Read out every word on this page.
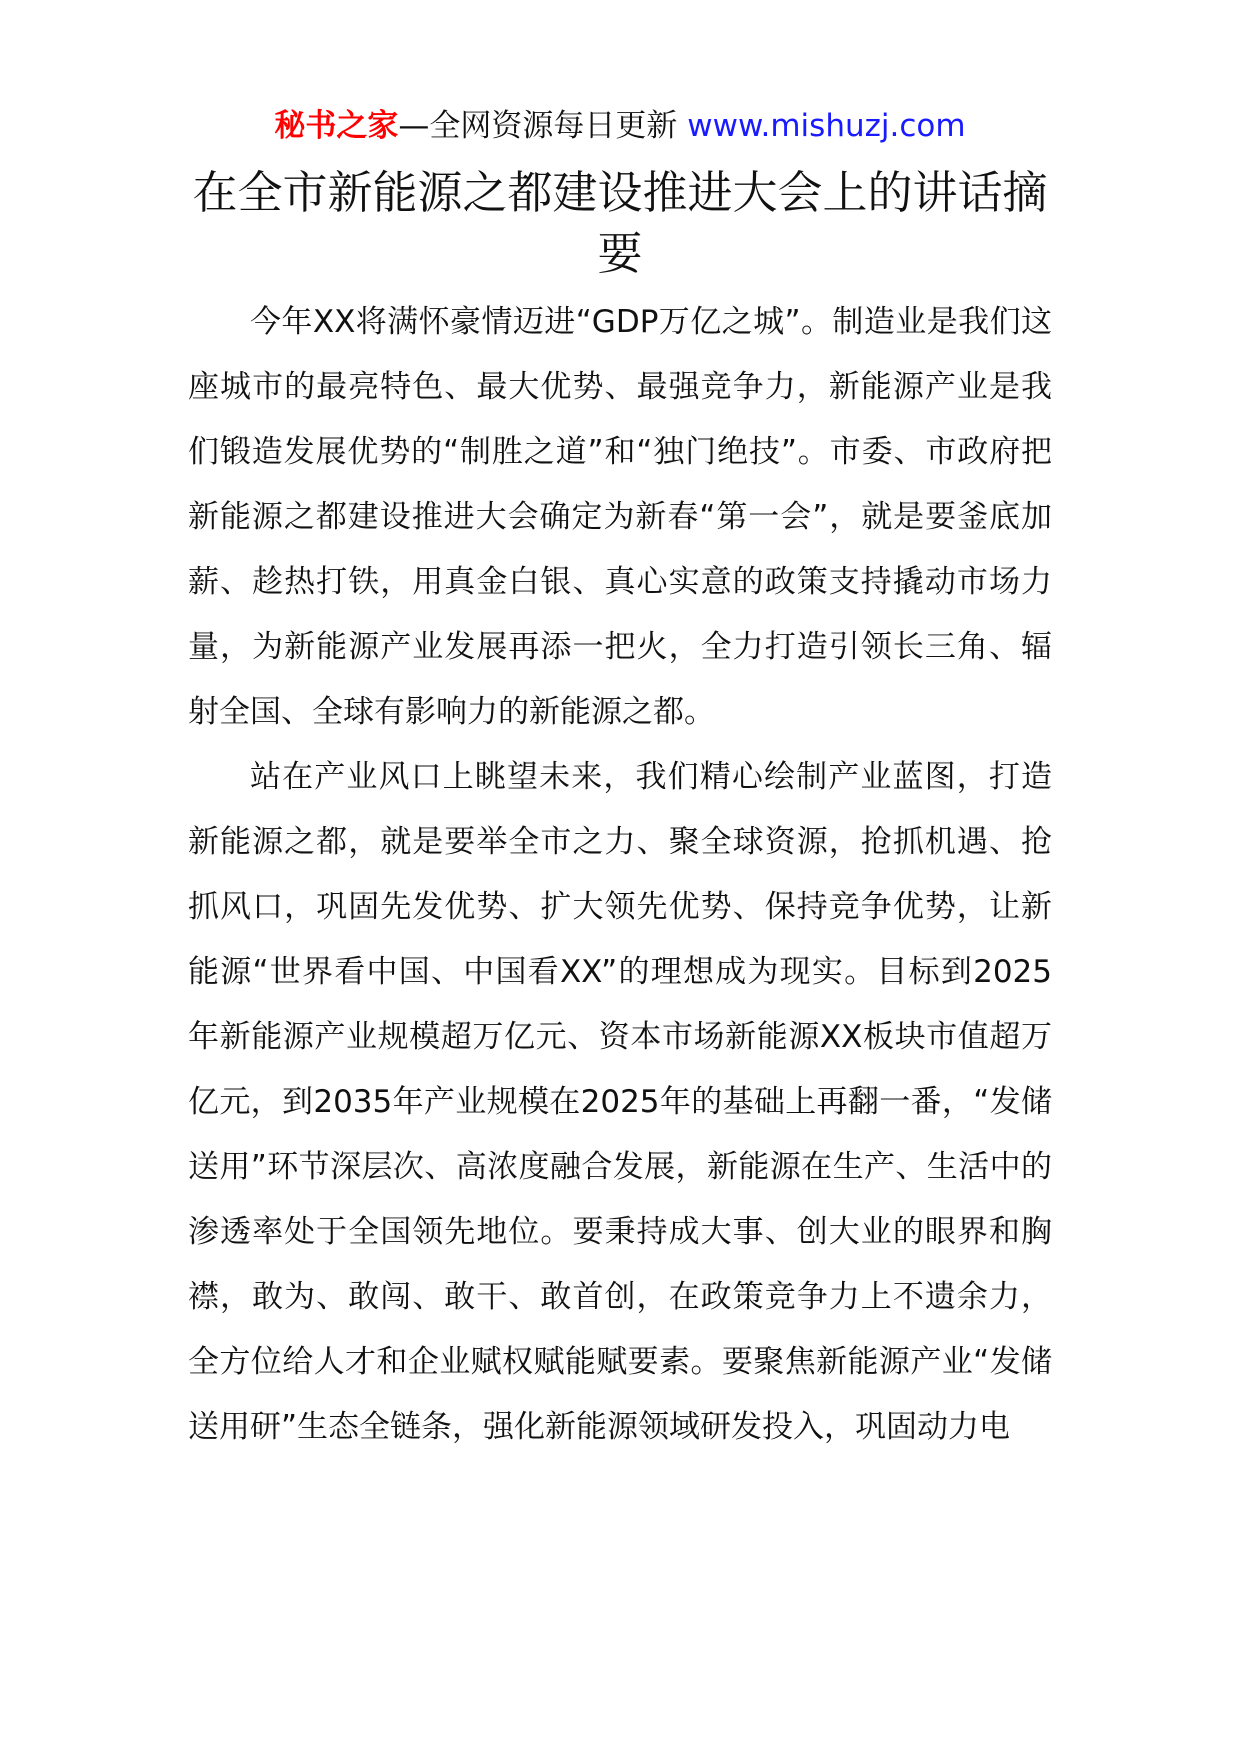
秘书之家—全网资源每日更新 www.mishuzj.com
在全市新能源之都建设推进大会上的讲话摘要

今年XX将满怀豪情迈进“GDP万亿之城”。制造业是我们这座城市的最亮特色、最大优势、最强竞争力，新能源产业是我们锻造发展优势的“制胜之道”和“独门绝技”。市委、市政府把新能源之都建设推进大会确定为新春“第一会”，就是要釜底加薪、趁热打铁，用真金白银、真心实意的政策支持撬动市场力量，为新能源产业发展再添一把火，全力打造引领长三角、辐射全国、全球有影响力的新能源之都。

站在产业风口上眺望未来，我们精心绘制产业蓝图，打造新能源之都，就是要举全市之力、聚全球资源，抢抓机遇、抢抓风口，巩固先发优势、扩大领先优势、保持竞争优势，让新能源“世界看中国、中国看XX”的理想成为现实。目标到2025年新能源产业规模超万亿元、资本市场新能源XX板块市值超万亿元，到2035年产业规模在2025年的基础上再翻一番，“发储送用”环节深层次、高浓度融合发展，新能源在生产、生活中的渗透率处于全国领先地位。要秉持成大事、创大业的眼界和胸襟，敢为、敢闯、敢干、敢首创，在政策竞争力上不遗余力，全方位给人才和企业赋权赋能赋要素。要聚焦新能源产业“发储送用研”生态全链条，强化新能源领域研发投入，巩固动力电
